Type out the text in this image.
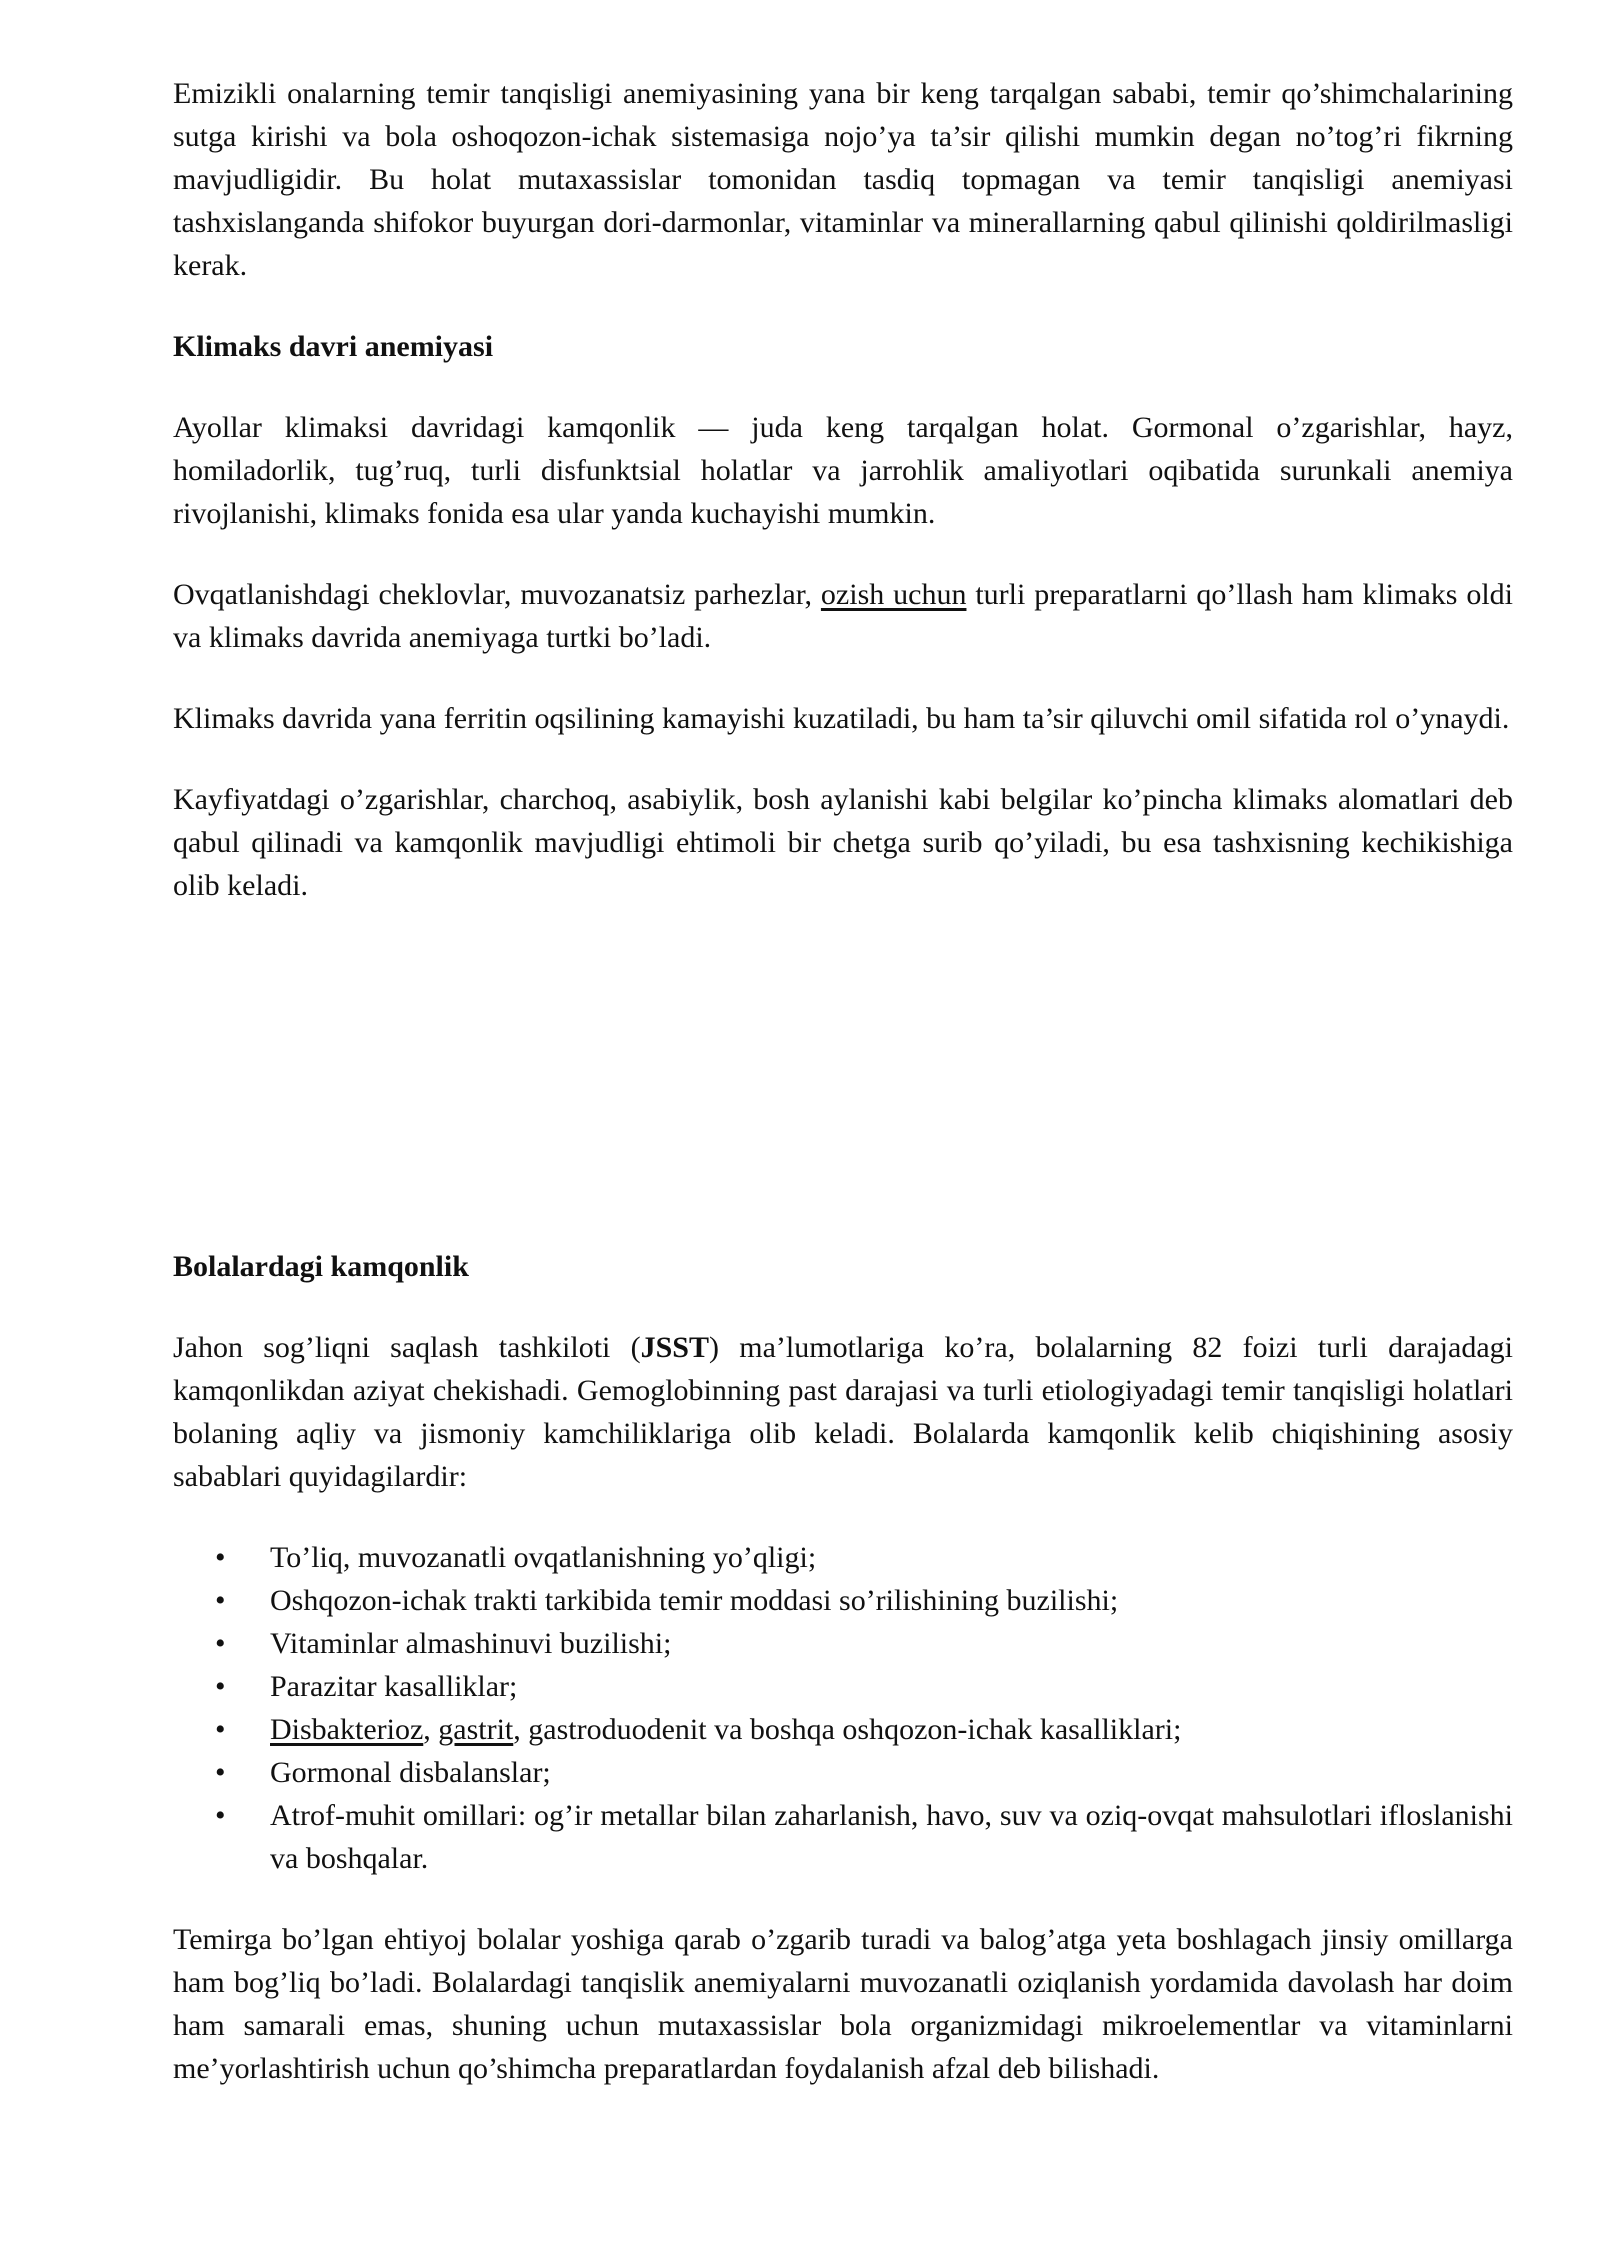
Emizikli onalarning temir tanqisligi anemiyasining yana bir keng tarqalgan sababi, temir qo’shimchalarining sutga kirishi va bola oshoqozon-ichak sistemasiga nojo’ya ta’sir qilishi mumkin degan no’tog’ri fikrning mavjudligidir. Bu holat mutaxassislar tomonidan tasdiq topmagan va temir tanqisligi anemiyasi tashxislanganda shifokor buyurgan dori-darmonlar, vitaminlar va minerallarning qabul qilinishi qoldirilmasligi kerak.

Klimaks davri anemiyasi

Ayollar klimaksi davridagi kamqonlik — juda keng tarqalgan holat. Gormonal o’zgarishlar, hayz, homiladorlik, tug’ruq, turli disfunktsial holatlar va jarrohlik amaliyotlari oqibatida surunkali anemiya rivojlanishi, klimaks fonida esa ular yanda kuchayishi mumkin.

Ovqatlanishdagi cheklovlar, muvozanatsiz parhezlar, ozish uchun turli preparatlarni qo’llash ham klimaks oldi va klimaks davrida anemiyaga turtki bo’ladi.

Klimaks davrida yana ferritin oqsilining kamayishi kuzatiladi, bu ham ta’sir qiluvchi omil sifatida rol o’ynaydi.

Kayfiyatdagi o’zgarishlar, charchoq, asabiylik, bosh aylanishi kabi belgilar ko’pincha klimaks alomatlari deb qabul qilinadi va kamqonlik mavjudligi ehtimoli bir chetga surib qo’yiladi, bu esa tashxisning kechikishiga olib keladi.

Bolalardagi kamqonlik

Jahon sog’liqni saqlash tashkiloti (JSST) ma’lumotlariga ko’ra, bolalarning 82 foizi turli darajadagi kamqonlikdan aziyat chekishadi. Gemoglobinning past darajasi va turli etiologiyadagi temir tanqisligi holatlari bolaning aqliy va jismoniy kamchiliklariga olib keladi. Bolalarda kamqonlik kelib chiqishining asosiy sabablari quyidagilardir:

• To’liq, muvozanatli ovqatlanishning yo’qligi;
• Oshqozon-ichak trakti tarkibida temir moddasi so’rilishining buzilishi;
• Vitaminlar almashinuvi buzilishi;
• Parazitar kasalliklar;
• Disbakterioz, gastrit, gastroduodenit va boshqa oshqozon-ichak kasalliklari;
• Gormonal disbalanslar;
• Atrof-muhit omillari: og’ir metallar bilan zaharlanish, havo, suv va oziq-ovqat mahsulotlari ifloslanishi va boshqalar.

Temirga bo’lgan ehtiyoj bolalar yoshiga qarab o’zgarib turadi va balog’atga yeta boshlagach jinsiy omillarga ham bog’liq bo’ladi. Bolalardagi tanqislik anemiyalarni muvozanatli oziqlanish yordamida davolash har doim ham samarali emas, shuning uchun mutaxassislar bola organizmidagi mikroelementlar va vitaminlarni me’yorlashtirish uchun qo’shimcha preparatlardan foydalanish afzal deb bilishadi.
